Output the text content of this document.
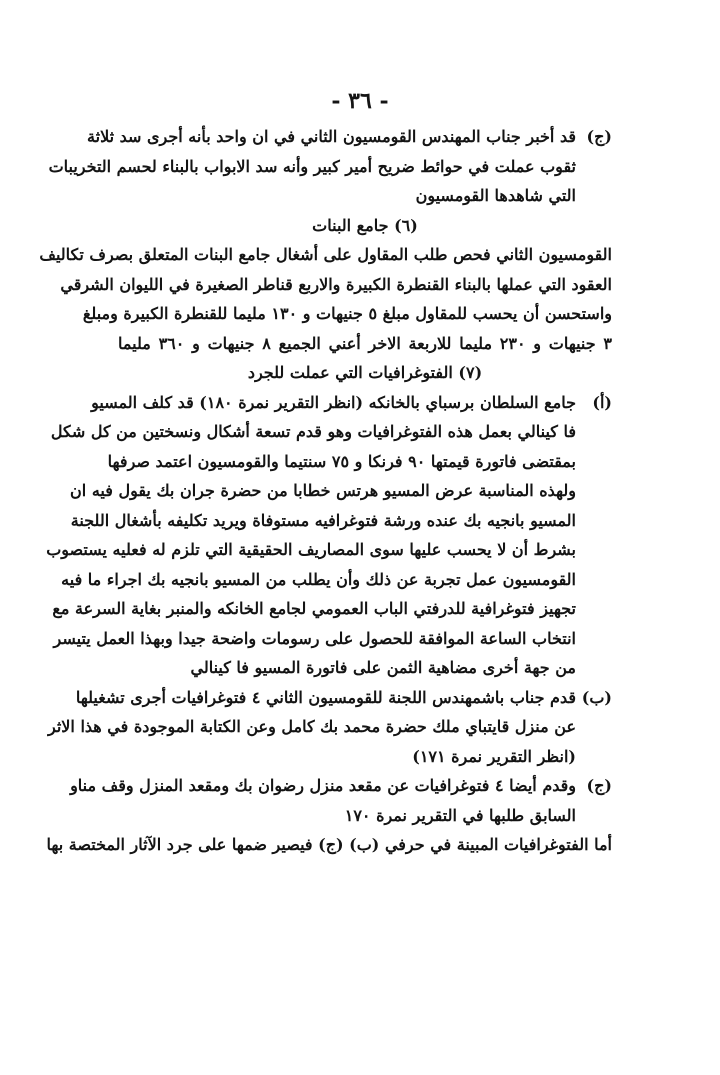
- ٣٦ -
(ج)قد أخبر جناب المهندس القومسيون الثاني في ان واحد بأنه أجرى سد ثلاثة
ثقوب عملت في حوائط ضريح أمير كبير وأنه سد الابواب بالبناء لحسم التخريبات
التي شاهدها القومسيون
(٦) جامع البنات
القومسيون الثاني فحص طلب المقاول على أشغال جامع البنات المتعلق بصرف تكاليف
العقود التي عملها بالبناء القنطرة الكبيرة والاربع قناطر الصغيرة في الليوان الشرقي
واستحسن أن يحسب للمقاول مبلغ ٥ جنيهات و ١٣٠ مليما للقنطرة الكبيرة ومبلغ
٣ جنيهات و ٢٣٠ مليما للاربعة الاخر أعني الجميع ٨ جنيهات و ٣٦٠ مليما
(٧) الفتوغرافيات التي عملت للجرد
(أ)جامع السلطان برسباي بالخانكه (انظر التقرير نمرة ١٨٠) قد كلف المسيو
فا كينالي بعمل هذه الفتوغرافيات وهو قدم تسعة أشكال ونسختين من كل شكل
بمقتضى فاتورة قيمتها ٩٠ فرنكا و ٧٥ سنتيما والقومسيون اعتمد صرفها
ولهذه المناسبة عرض المسيو هرتس خطابا من حضرة جران بك يقول فيه ان
المسيو بانجيه بك عنده ورشة فتوغرافيه مستوفاة ويريد تكليفه بأشغال اللجنة
بشرط أن لا يحسب عليها سوى المصاريف الحقيقية التي تلزم له فعليه يستصوب
القومسيون عمل تجربة عن ذلك وأن يطلب من المسيو بانجيه بك اجراء ما فيه
تجهيز فتوغرافية للدرفتي الباب العمومي لجامع الخانكه والمنبر بغاية السرعة مع
انتخاب الساعة الموافقة للحصول على رسومات واضحة جيدا وبهذا العمل يتيسر
من جهة أخرى مضاهية الثمن على فاتورة المسيو فا كينالي
(ب)قدم جناب باشمهندس اللجنة للقومسيون الثاني ٤ فتوغرافيات أجرى تشغيلها
عن منزل قايتباي ملك حضرة محمد بك كامل وعن الكتابة الموجودة في هذا الاثر
(انظر التقرير نمرة ١٧١)
(ج)وقدم أيضا ٤ فتوغرافيات عن مقعد منزل رضوان بك ومقعد المنزل وقف مناو
السابق طلبها في التقرير نمرة ١٧٠
أما الفتوغرافيات المبينة في حرفي (ب) (ج) فيصير ضمها على جرد الآثار المختصة بها
